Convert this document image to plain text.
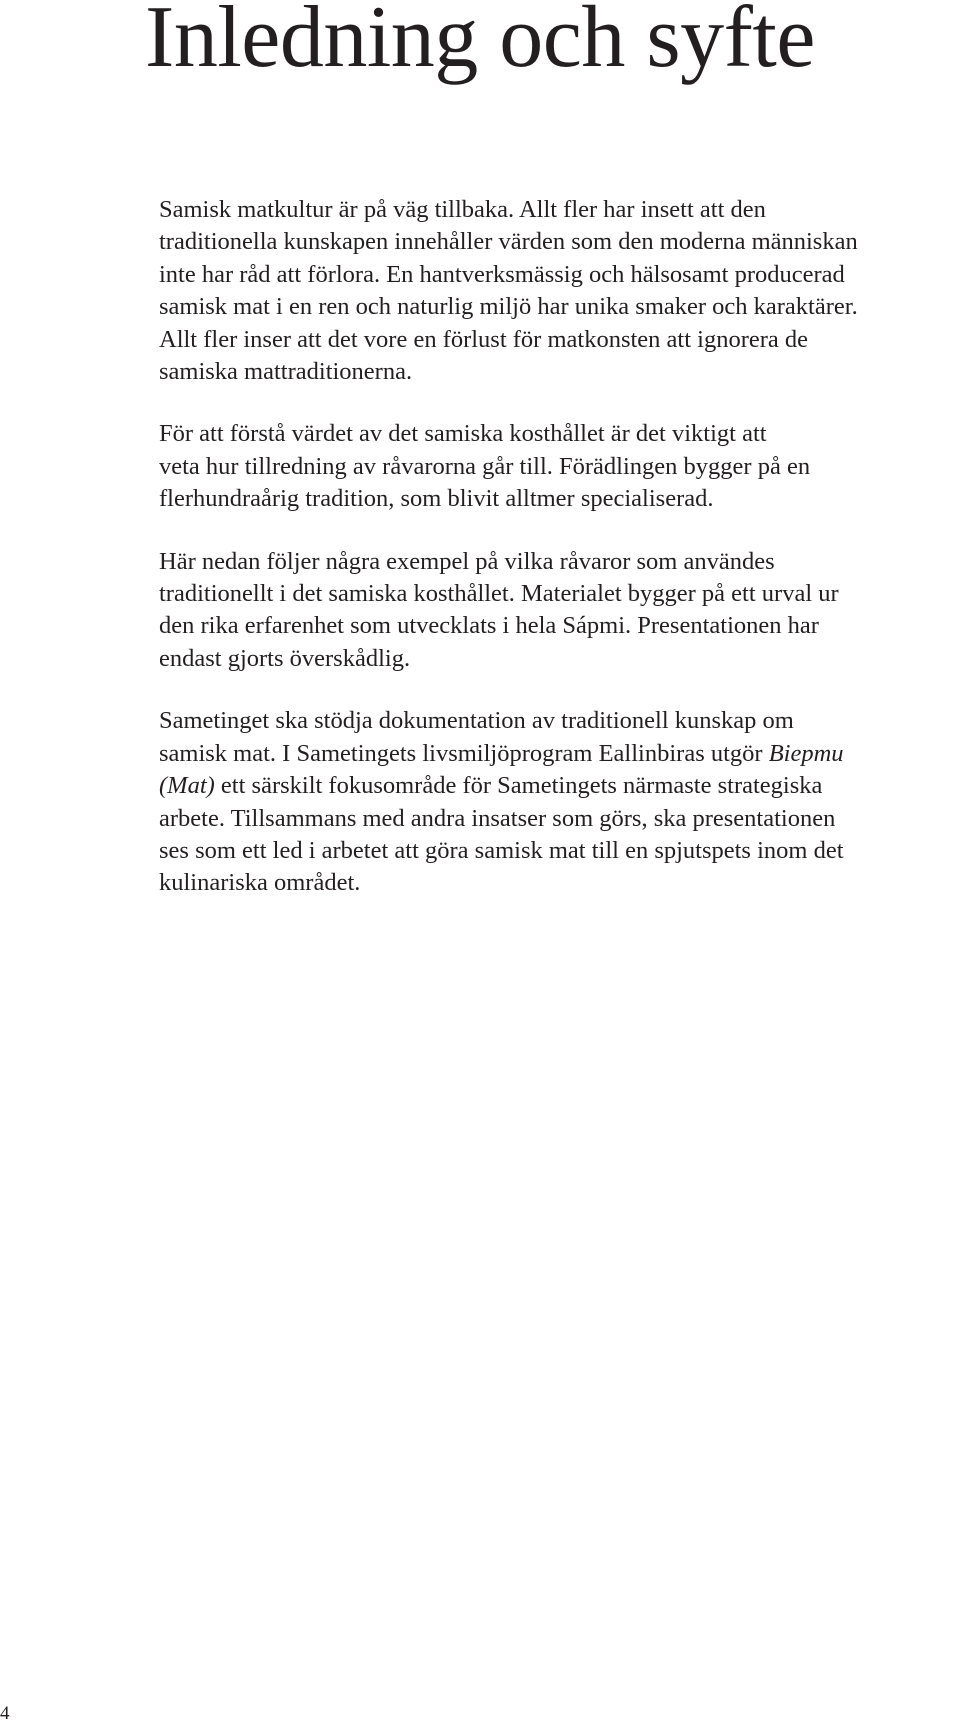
Inledning och syfte

Samisk matkultur är på väg tillbaka. Allt fler har insett att den
traditionella kunskapen innehåller värden som den moderna människan
inte har råd att förlora. En hantverksmässig och hälsosamt producerad
samisk mat i en ren och naturlig miljö har unika smaker och karaktärer.
Allt fler inser att det vore en förlust för matkonsten att ignorera de
samiska mattraditionerna.

För att förstå värdet av det samiska kosthållet är det viktigt att
veta hur tillredning av råvarorna går till. Förädlingen bygger på en
flerhundraårig tradition, som blivit alltmer specialiserad.

Här nedan följer några exempel på vilka råvaror som användes
traditionellt i det samiska kosthållet. Materialet bygger på ett urval ur
den rika erfarenhet som utvecklats i hela Sápmi. Presentationen har
endast gjorts överskådlig.

Sametinget ska stödja dokumentation av traditionell kunskap om
samisk mat. I Sametingets livsmiljöprogram Eallinbiras utgör Biepmu
(Mat) ett särskilt fokusområde för Sametingets närmaste strategiska
arbete. Tillsammans med andra insatser som görs, ska presentationen
ses som ett led i arbetet att göra samisk mat till en spjutspets inom det
kulinariska området.

4
